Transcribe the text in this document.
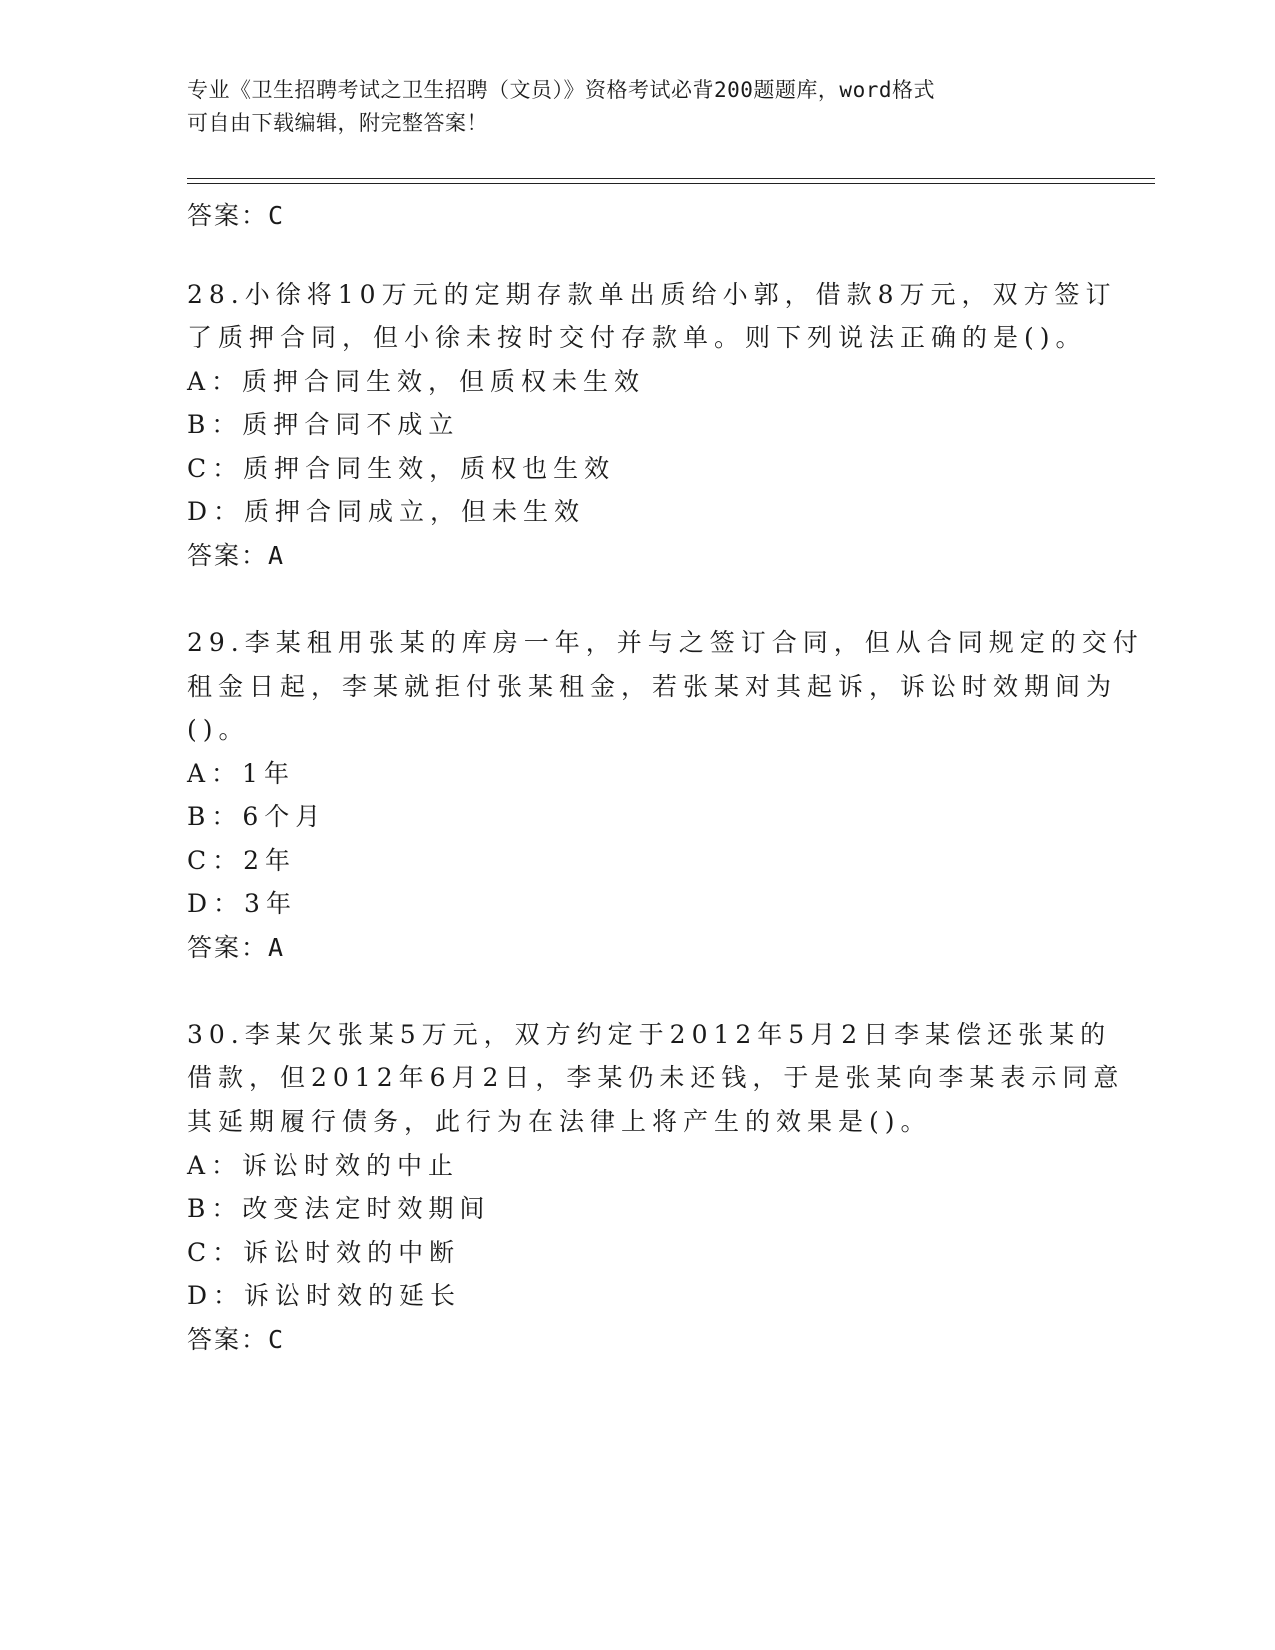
专业《卫生招聘考试之卫生招聘（文员）》资格考试必背200题题库，word格式
可自由下载编辑，附完整答案！
答案：C
28.小徐将10万元的定期存款单出质给小郭，借款8万元，双方签订
了质押合同，但小徐未按时交付存款单。则下列说法正确的是()。
A：质押合同生效，但质权未生效
B：质押合同不成立
C：质押合同生效，质权也生效
D：质押合同成立，但未生效
答案：A
29.李某租用张某的库房一年，并与之签订合同，但从合同规定的交付
租金日起，李某就拒付张某租金，若张某对其起诉，诉讼时效期间为
()。
A：1年
B：6个月
C：2年
D：3年
答案：A
30.李某欠张某5万元，双方约定于2012年5月2日李某偿还张某的
借款，但2012年6月2日，李某仍未还钱，于是张某向李某表示同意
其延期履行债务，此行为在法律上将产生的效果是()。
A：诉讼时效的中止
B：改变法定时效期间
C：诉讼时效的中断
D：诉讼时效的延长
答案：C
